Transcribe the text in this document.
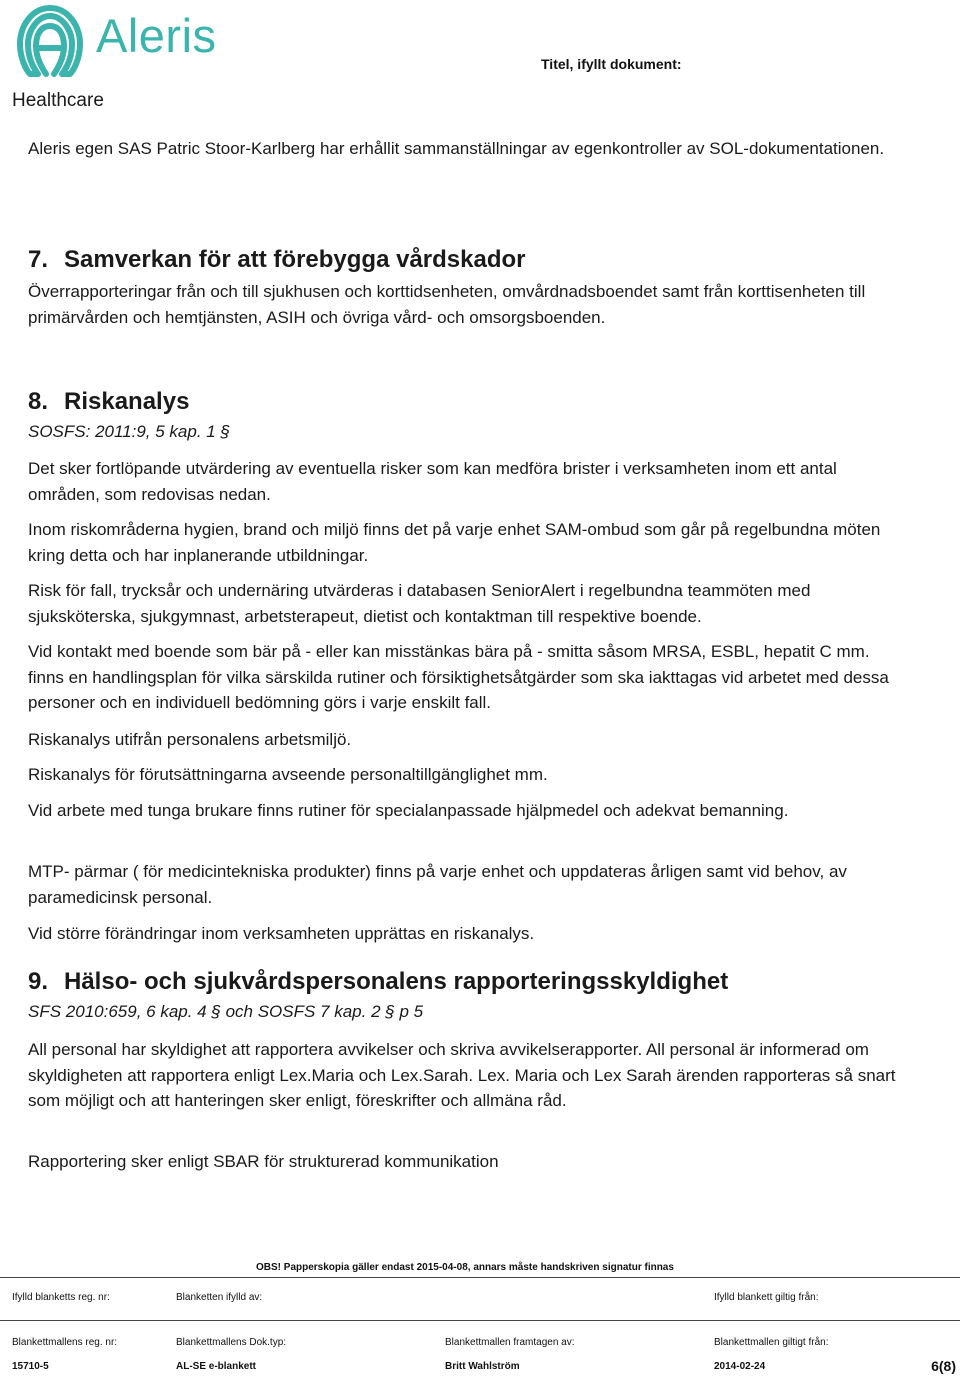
Aleris
Healthcare
Titel, ifyllt dokument:
Aleris egen SAS Patric Stoor-Karlberg har erhållit sammanställningar av egenkontroller av SOL-dokumentationen.
7. Samverkan för att förebygga vårdskador
Överrapporteringar från och till sjukhusen och korttidsenheten, omvårdnadsboendet samt från korttisenheten till primärvården och hemtjänsten, ASIH och övriga vård- och omsorgsboenden.
8. Riskanalys
SOSFS: 2011:9, 5 kap. 1 §
Det sker fortlöpande utvärdering av eventuella risker som kan medföra brister i verksamheten inom ett antal områden, som redovisas nedan.
Inom riskområderna hygien, brand och miljö finns det på varje enhet SAM-ombud som går på regelbundna möten kring detta och har inplanerande utbildningar.
Risk för fall, trycksår och undernäring utvärderas i databasen SeniorAlert i regelbundna teammöten med sjuksköterska, sjukgymnast, arbetsterapeut, dietist och kontaktman till respektive boende.
Vid kontakt med boende som bär på - eller kan misstänkas bära på - smitta såsom MRSA, ESBL, hepatit C mm. finns en handlingsplan för vilka särskilda rutiner och försiktighetsåtgärder som ska iakttagas vid arbetet med dessa personer och en individuell bedömning görs i varje enskilt fall.
Riskanalys utifrån personalens arbetsmiljö.
Riskanalys för förutsättningarna avseende personaltillgänglighet mm.
Vid arbete med tunga brukare finns rutiner för specialanpassade hjälpmedel och adekvat bemanning.
MTP- pärmar ( för medicintekniska produkter) finns på varje enhet och uppdateras årligen samt vid behov, av paramedicinsk personal.
Vid större förändringar inom verksamheten upprättas en riskanalys.
9. Hälso- och sjukvårdspersonalens rapporteringsskyldighet
SFS 2010:659, 6 kap. 4 § och SOSFS 7 kap. 2 § p 5
All personal har skyldighet att rapportera avvikelser och skriva avvikelserapporter. All personal är informerad om skyldigheten att rapportera enligt Lex.Maria och Lex.Sarah. Lex. Maria och Lex Sarah ärenden rapporteras så snart som möjligt och att hanteringen sker enligt, föreskrifter och allmäna råd.
Rapportering sker enligt SBAR för strukturerad kommunikation
OBS! Papperskopia gäller endast 2015-04-08, annars måste handskriven signatur finnas
Ifylld blanketts reg. nr:	Blanketten ifylld av:	Ifylld blankett giltig från:
Blankettmallens reg. nr:	Blankettmallens Dok.typ:	Blankettmallen framtagen av:	Blankettmallen giltigt från:
15710-5	AL-SE e-blankett	Britt Wahlström	2014-02-24	6(8)
